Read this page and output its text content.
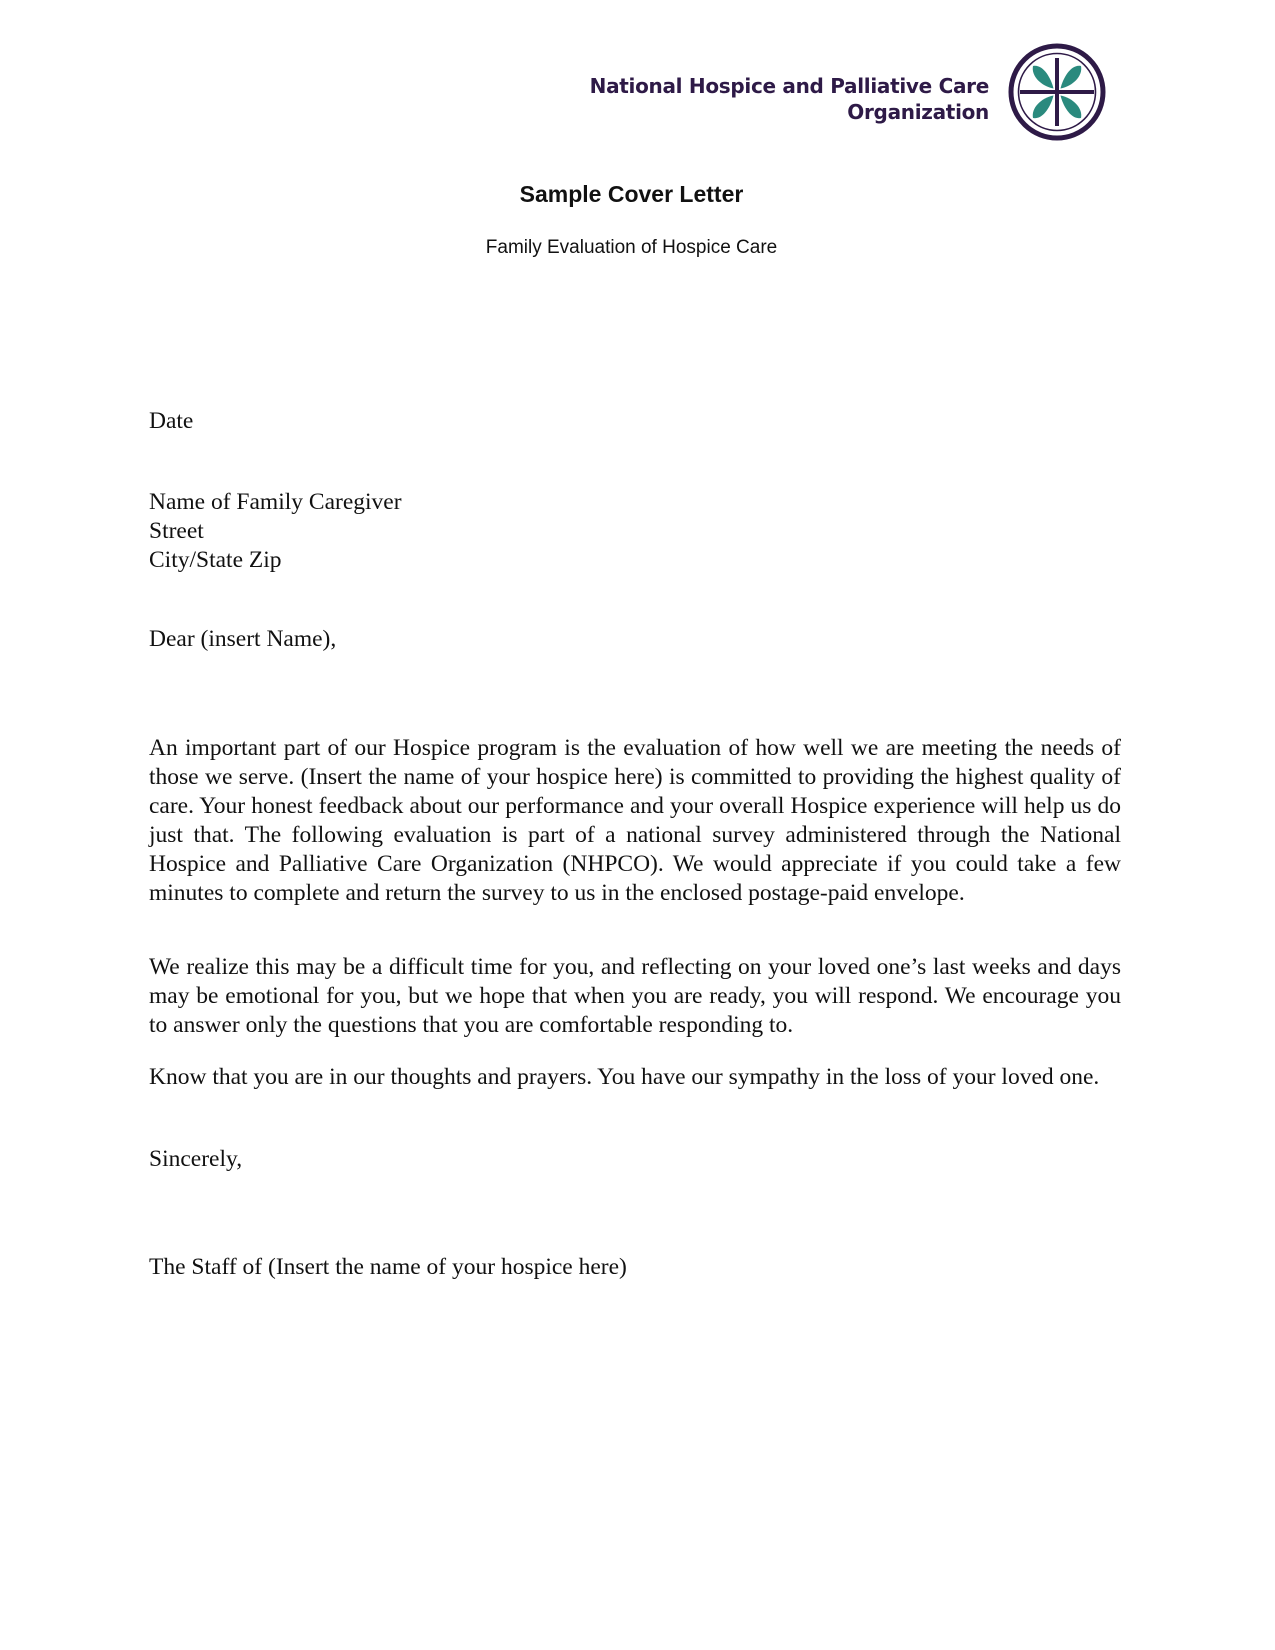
National Hospice and Palliative Care
Organization
Sample Cover Letter
Family Evaluation of Hospice Care

Date

Name of Family Caregiver
Street
City/State Zip

Dear (insert Name),

An important part of our Hospice program is the evaluation of how well we are meeting the needs of those we serve. (Insert the name of your hospice here) is committed to providing the highest quality of care. Your honest feedback about our performance and your overall Hospice experience will help us do just that. The following evaluation is part of a national survey administered through the National Hospice and Palliative Care Organization (NHPCO). We would appreciate if you could take a few minutes to complete and return the survey to us in the enclosed postage-paid envelope.

We realize this may be a difficult time for you, and reflecting on your loved one’s last weeks and days may be emotional for you, but we hope that when you are ready, you will respond. We encourage you to answer only the questions that you are comfortable responding to.

Know that you are in our thoughts and prayers. You have our sympathy in the loss of your loved one.

Sincerely,

The Staff of (Insert the name of your hospice here)
